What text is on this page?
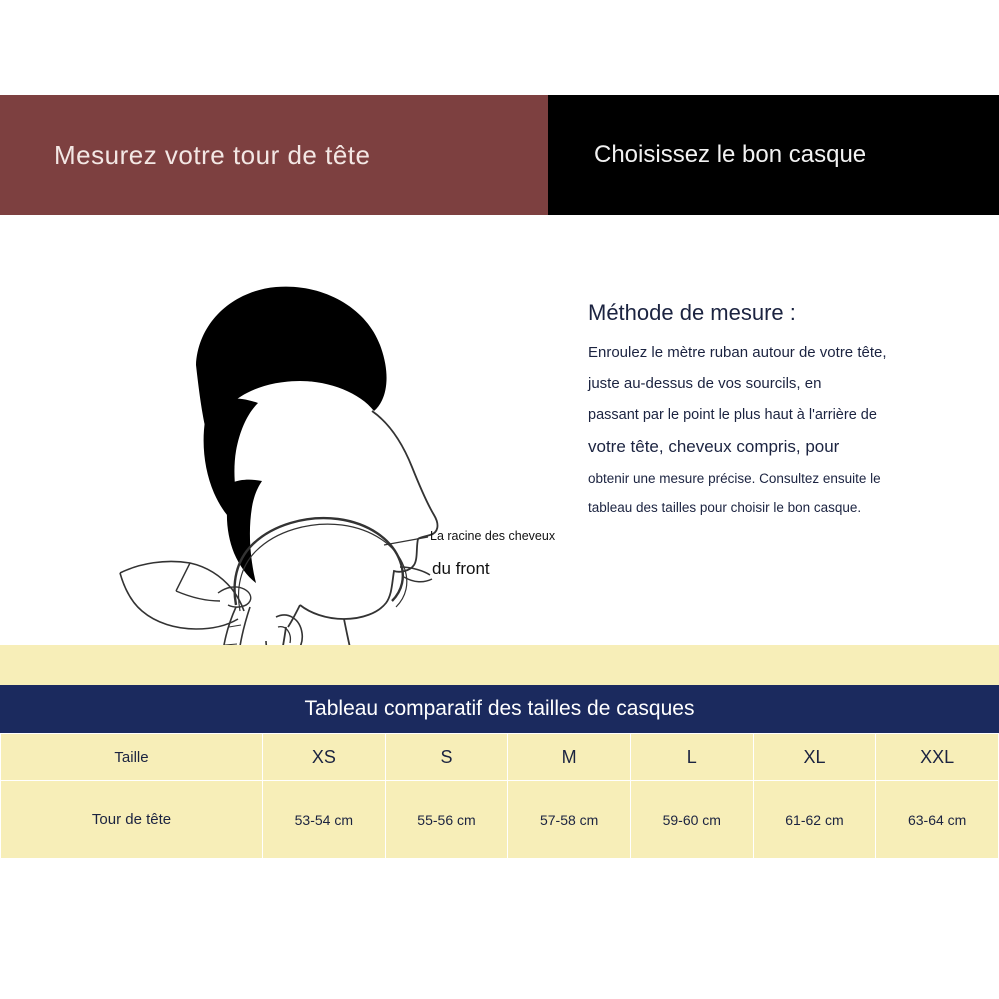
Mesurez votre tour de tête	Choisissez le bon casque
La racine des cheveux
du front
Méthode de mesure :
Enroulez le mètre ruban autour de votre tête,
juste au-dessus de vos sourcils, en
passant par le point le plus haut à l'arrière de
votre tête, cheveux compris, pour
obtenir une mesure précise. Consultez ensuite le
tableau des tailles pour choisir le bon casque.
Tableau comparatif des tailles de casques
Taille	XS	S	M	L	XL	XXL
Tour de tête	53-54 cm	55-56 cm	57-58 cm	59-60 cm	61-62 cm	63-64 cm
